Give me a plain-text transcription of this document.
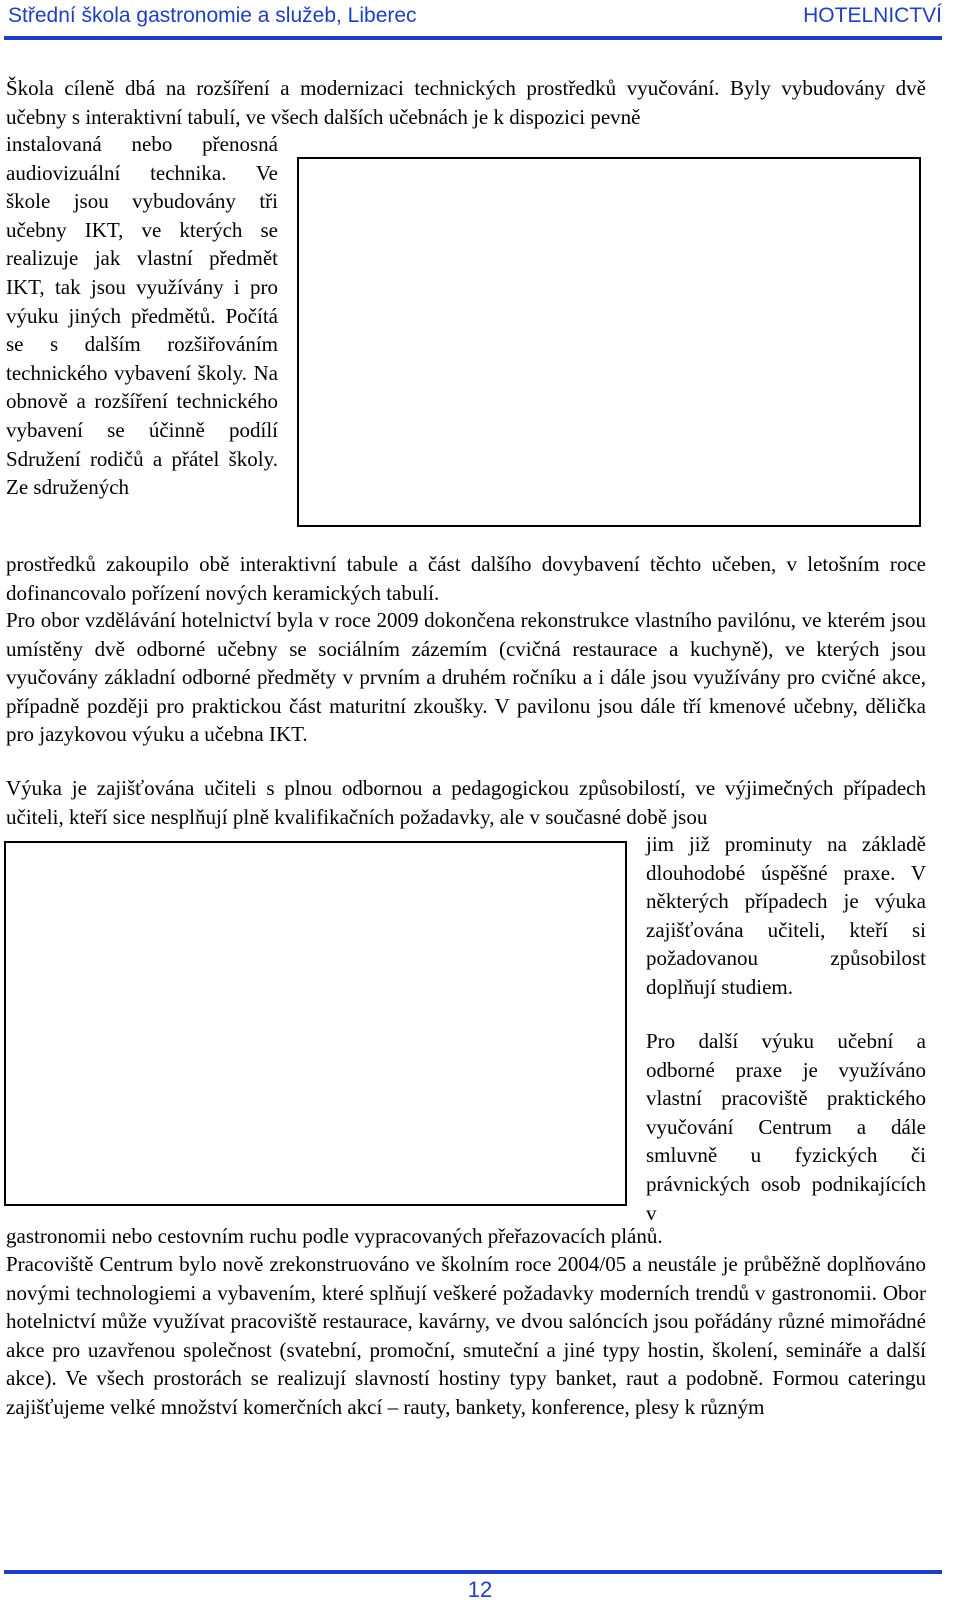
Střední škola gastronomie a služeb, Liberec	HOTELNICTVÍ

Škola cíleně dbá na rozšíření a modernizaci technických prostředků vyučování. Byly vybudovány dvě učebny s interaktivní tabulí, ve všech dalších učebnách je k dispozici pevně

instalovaná nebo přenosná audiovizuální technika. Ve škole jsou vybudovány tři učebny IKT, ve kterých se realizuje jak vlastní předmět IKT, tak jsou využívány i pro výuku jiných předmětů. Počítá se s dalším rozšiřováním technického vybavení školy. Na obnově a rozšíření technického vybavení se účinně podílí Sdružení rodičů a přátel školy. Ze sdružených

prostředků zakoupilo obě interaktivní tabule a část dalšího dovybavení těchto učeben, v letošním roce dofinancovalo pořízení nových keramických tabulí.

Pro obor vzdělávání hotelnictví byla v roce 2009 dokončena rekonstrukce vlastního pavilónu, ve kterém jsou umístěny dvě odborné učebny se sociálním zázemím (cvičná restaurace a kuchyně), ve kterých jsou vyučovány základní odborné předměty v prvním a druhém ročníku a i dále jsou využívány pro cvičné akce, případně později pro praktickou část maturitní zkoušky. V pavilonu jsou dále tří kmenové učebny, dělička pro jazykovou výuku a učebna IKT.

Výuka je zajišťována učiteli s plnou odbornou a pedagogickou způsobilostí, ve výjimečných případech učiteli, kteří sice nesplňují plně kvalifikačních požadavky, ale v současné době jsou

jim již prominuty na základě dlouhodobé úspěšné praxe. V některých případech je výuka zajišťována učiteli, kteří si požadovanou způsobilost doplňují studiem.

Pro další výuku učební a odborné praxe je využíváno vlastní pracoviště praktického vyučování Centrum a dále smluvně u fyzických či právnických osob podnikajících v

gastronomii nebo cestovním ruchu podle vypracovaných přeřazovacích plánů.

Pracoviště Centrum bylo nově zrekonstruováno ve školním roce 2004/05 a neustále je průběžně doplňováno novými technologiemi a vybavením, které splňují veškeré požadavky moderních trendů v gastronomii. Obor hotelnictví může využívat pracoviště restaurace, kavárny, ve dvou salóncích jsou pořádány různé mimořádné akce pro uzavřenou společnost (svatební, promoční, smuteční a jiné typy hostin, školení, semináře a další akce). Ve všech prostorách se realizují slavností hostiny typy banket, raut a podobně. Formou cateringu zajišťujeme velké množství komerčních akcí – rauty, bankety, konference, plesy k různým

12
